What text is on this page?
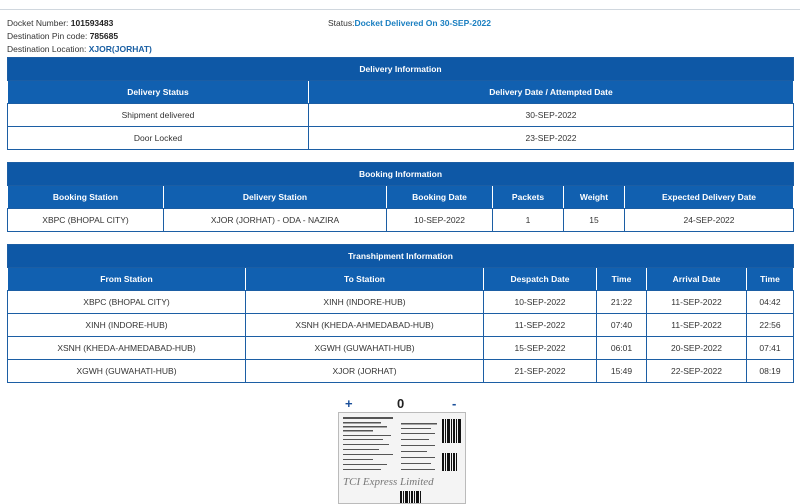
Docket Number: 101593483
Destination Pin code: 785685
Destination Location: XJOR(JORHAT)
Status:Docket Delivered On 30-SEP-2022
Delivery Information	
Delivery Status	Delivery Date / Attempted Date
Shipment delivered	30-SEP-2022
Door Locked	23-SEP-2022
Booking Information					
Booking Station	Delivery Station	Booking Date	Packets	Weight	Expected Delivery Date
XBPC (BHOPAL CITY)	XJOR (JORHAT) - ODA - NAZIRA	10-SEP-2022	1	15	24-SEP-2022
Transhipment Information					
From Station	To Station	Despatch Date	Time	Arrival Date	Time
XBPC (BHOPAL CITY)	XINH (INDORE-HUB)	10-SEP-2022	21:22	11-SEP-2022	04:42
XINH (INDORE-HUB)	XSNH (KHEDA-AHMEDABAD-HUB)	11-SEP-2022	07:40	11-SEP-2022	22:56
XSNH (KHEDA-AHMEDABAD-HUB)	XGWH (GUWAHATI-HUB)	15-SEP-2022	06:01	20-SEP-2022	07:41
XGWH (GUWAHATI-HUB)	XJOR (JORHAT)	21-SEP-2022	15:49	22-SEP-2022	08:19
+	0	-
TCI Express Limited
